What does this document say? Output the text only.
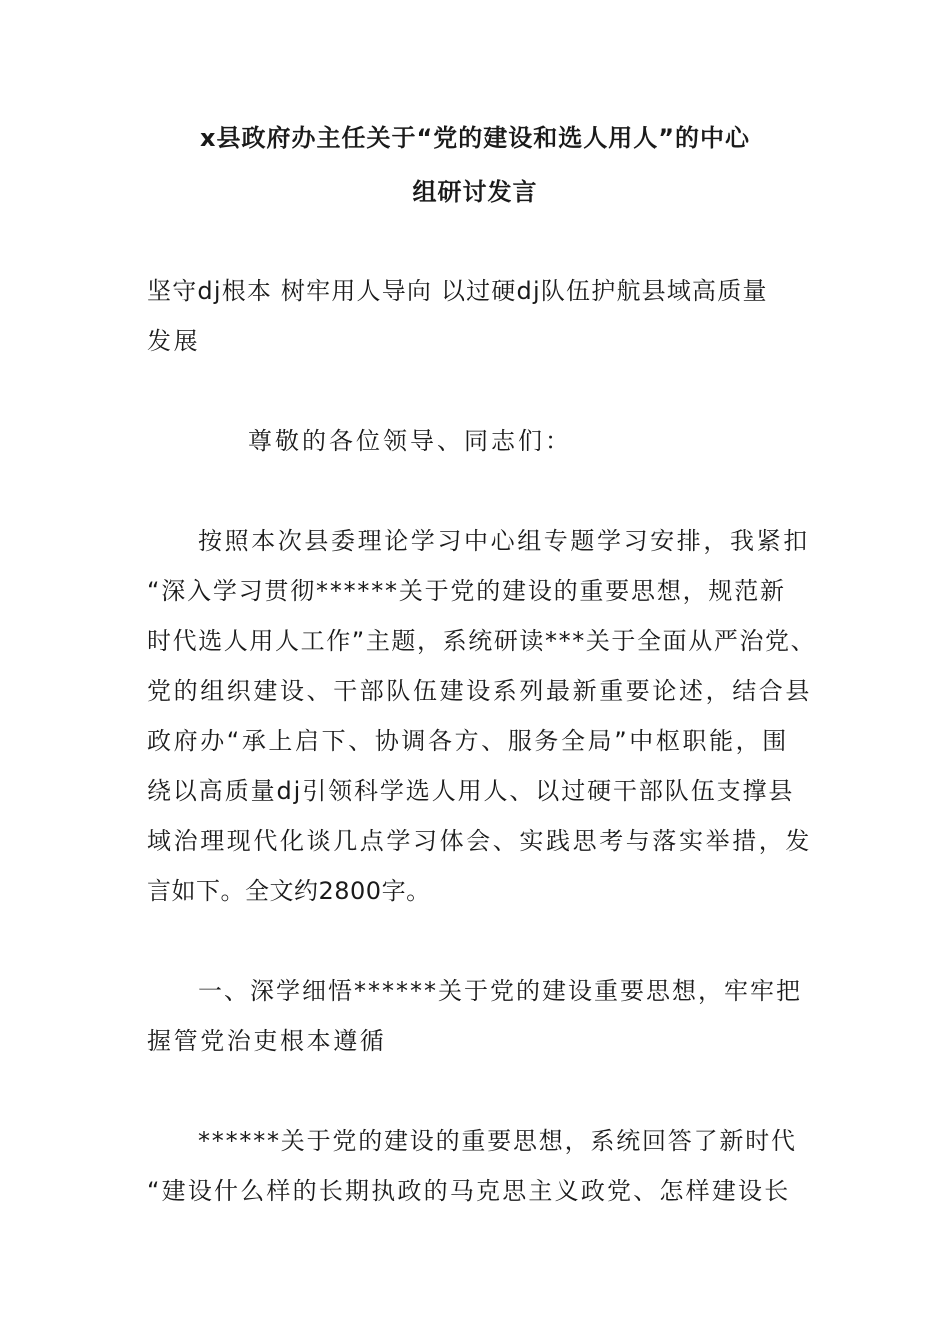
x县政府办主任关于“党的建设和选人用人”的中心
组研讨发言
坚守dj根本 树牢用人导向 以过硬dj队伍护航县域高质量
发展
尊敬的各位领导、同志们：
按照本次县委理论学习中心组专题学习安排，我紧扣
“深入学习贯彻******关于党的建设的重要思想，规范新
时代选人用人工作”主题，系统研读***关于全面从严治党、
党的组织建设、干部队伍建设系列最新重要论述，结合县
政府办“承上启下、协调各方、服务全局”中枢职能，围
绕以高质量dj引领科学选人用人、以过硬干部队伍支撑县
域治理现代化谈几点学习体会、实践思考与落实举措，发
言如下。全文约2800字。
一、深学细悟******关于党的建设重要思想，牢牢把
握管党治吏根本遵循
******关于党的建设的重要思想，系统回答了新时代
“建设什么样的长期执政的马克思主义政党、怎样建设长
